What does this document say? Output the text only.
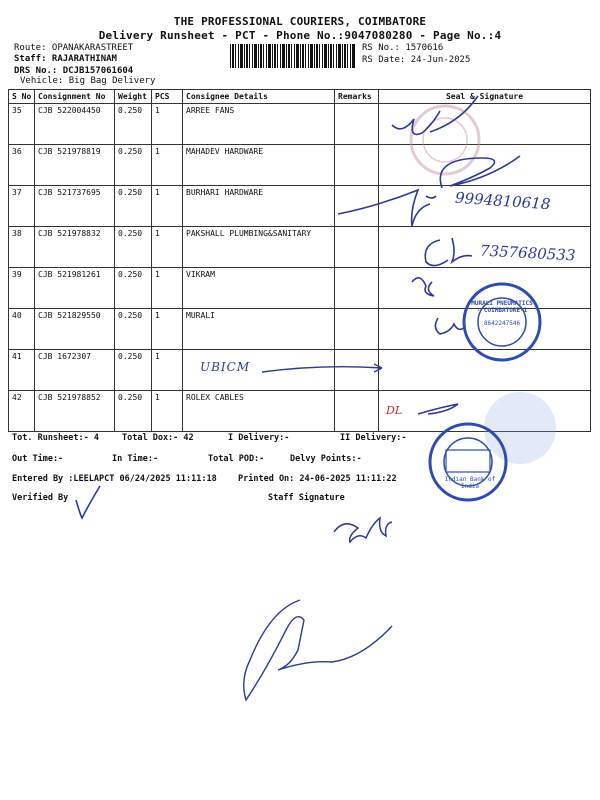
THE PROFESSIONAL COURIERS, COIMBATORE
Delivery Runsheet - PCT - Phone No.:9047080280 - Page No.:4
Route: OPANAKARASTREET
Staff: RAJARATHINAM
DRS No.: DCJB157061604
Vehicle: Big Bag Delivery
RS No.: 1570616
RS Date: 24-Jun-2025
S No	Consignment No	Weight	PCS	Consignee Details	Remarks	Seal & Signature
35	CJB 522004450	0.250	1	ARREE FANS		
36	CJB 521978819	0.250	1	MAHADEV HARDWARE		
37	CJB 521737695	0.250	1	BURHARI HARDWARE		
38	CJB 521978832	0.250	1	PAKSHALL PLUMBING&SANITARY		
39	CJB 521981261	0.250	1	VIKRAM		
40	CJB 521829550	0.250	1	MURALI		
41	CJB 1672307	0.250	1			
42	CJB 521978852	0.250	1	ROLEX CABLES		
Tot. Runsheet:- 4	Total Dox:- 42	I Delivery:-	II Delivery:-
Out Time:-	In Time:-	Total POD:-	Delvy Points:-
Entered By :LEELAPCT 06/24/2025 11:11:18	Printed On: 24-06-2025 11:11:22
Verified By	Staff Signature
9994810618
7357680533
UBICM
DL
MURALI PNEUMATICS · COIMBATORE-1
8642247546
Indian Bank of India
